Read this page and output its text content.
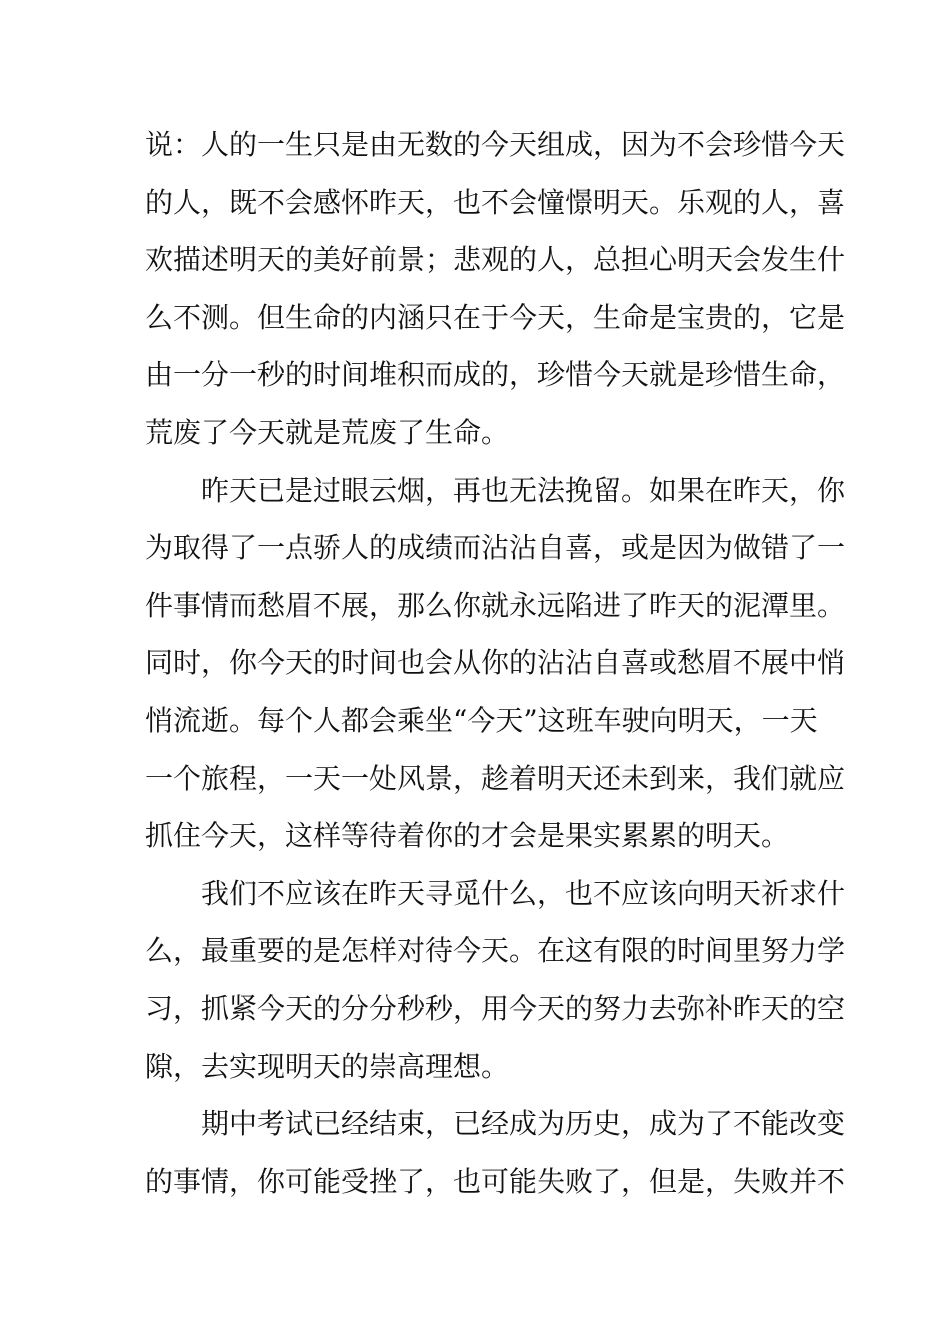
说：人的一生只是由无数的今天组成，因为不会珍惜今天
的人，既不会感怀昨天，也不会憧憬明天。乐观的人，喜
欢描述明天的美好前景；悲观的人，总担心明天会发生什
么不测。但生命的内涵只在于今天，生命是宝贵的，它是
由一分一秒的时间堆积而成的，珍惜今天就是珍惜生命，
荒废了今天就是荒废了生命。
昨天已是过眼云烟，再也无法挽留。如果在昨天，你
为取得了一点骄人的成绩而沾沾自喜，或是因为做错了一
件事情而愁眉不展，那么你就永远陷进了昨天的泥潭里。
同时，你今天的时间也会从你的沾沾自喜或愁眉不展中悄
悄流逝。每个人都会乘坐“今天”这班车驶向明天，一天
一个旅程，一天一处风景，趁着明天还未到来，我们就应
抓住今天，这样等待着你的才会是果实累累的明天。
我们不应该在昨天寻觅什么，也不应该向明天祈求什
么，最重要的是怎样对待今天。在这有限的时间里努力学
习，抓紧今天的分分秒秒，用今天的努力去弥补昨天的空
隙，去实现明天的崇高理想。
期中考试已经结束，已经成为历史，成为了不能改变
的事情，你可能受挫了，也可能失败了，但是，失败并不
